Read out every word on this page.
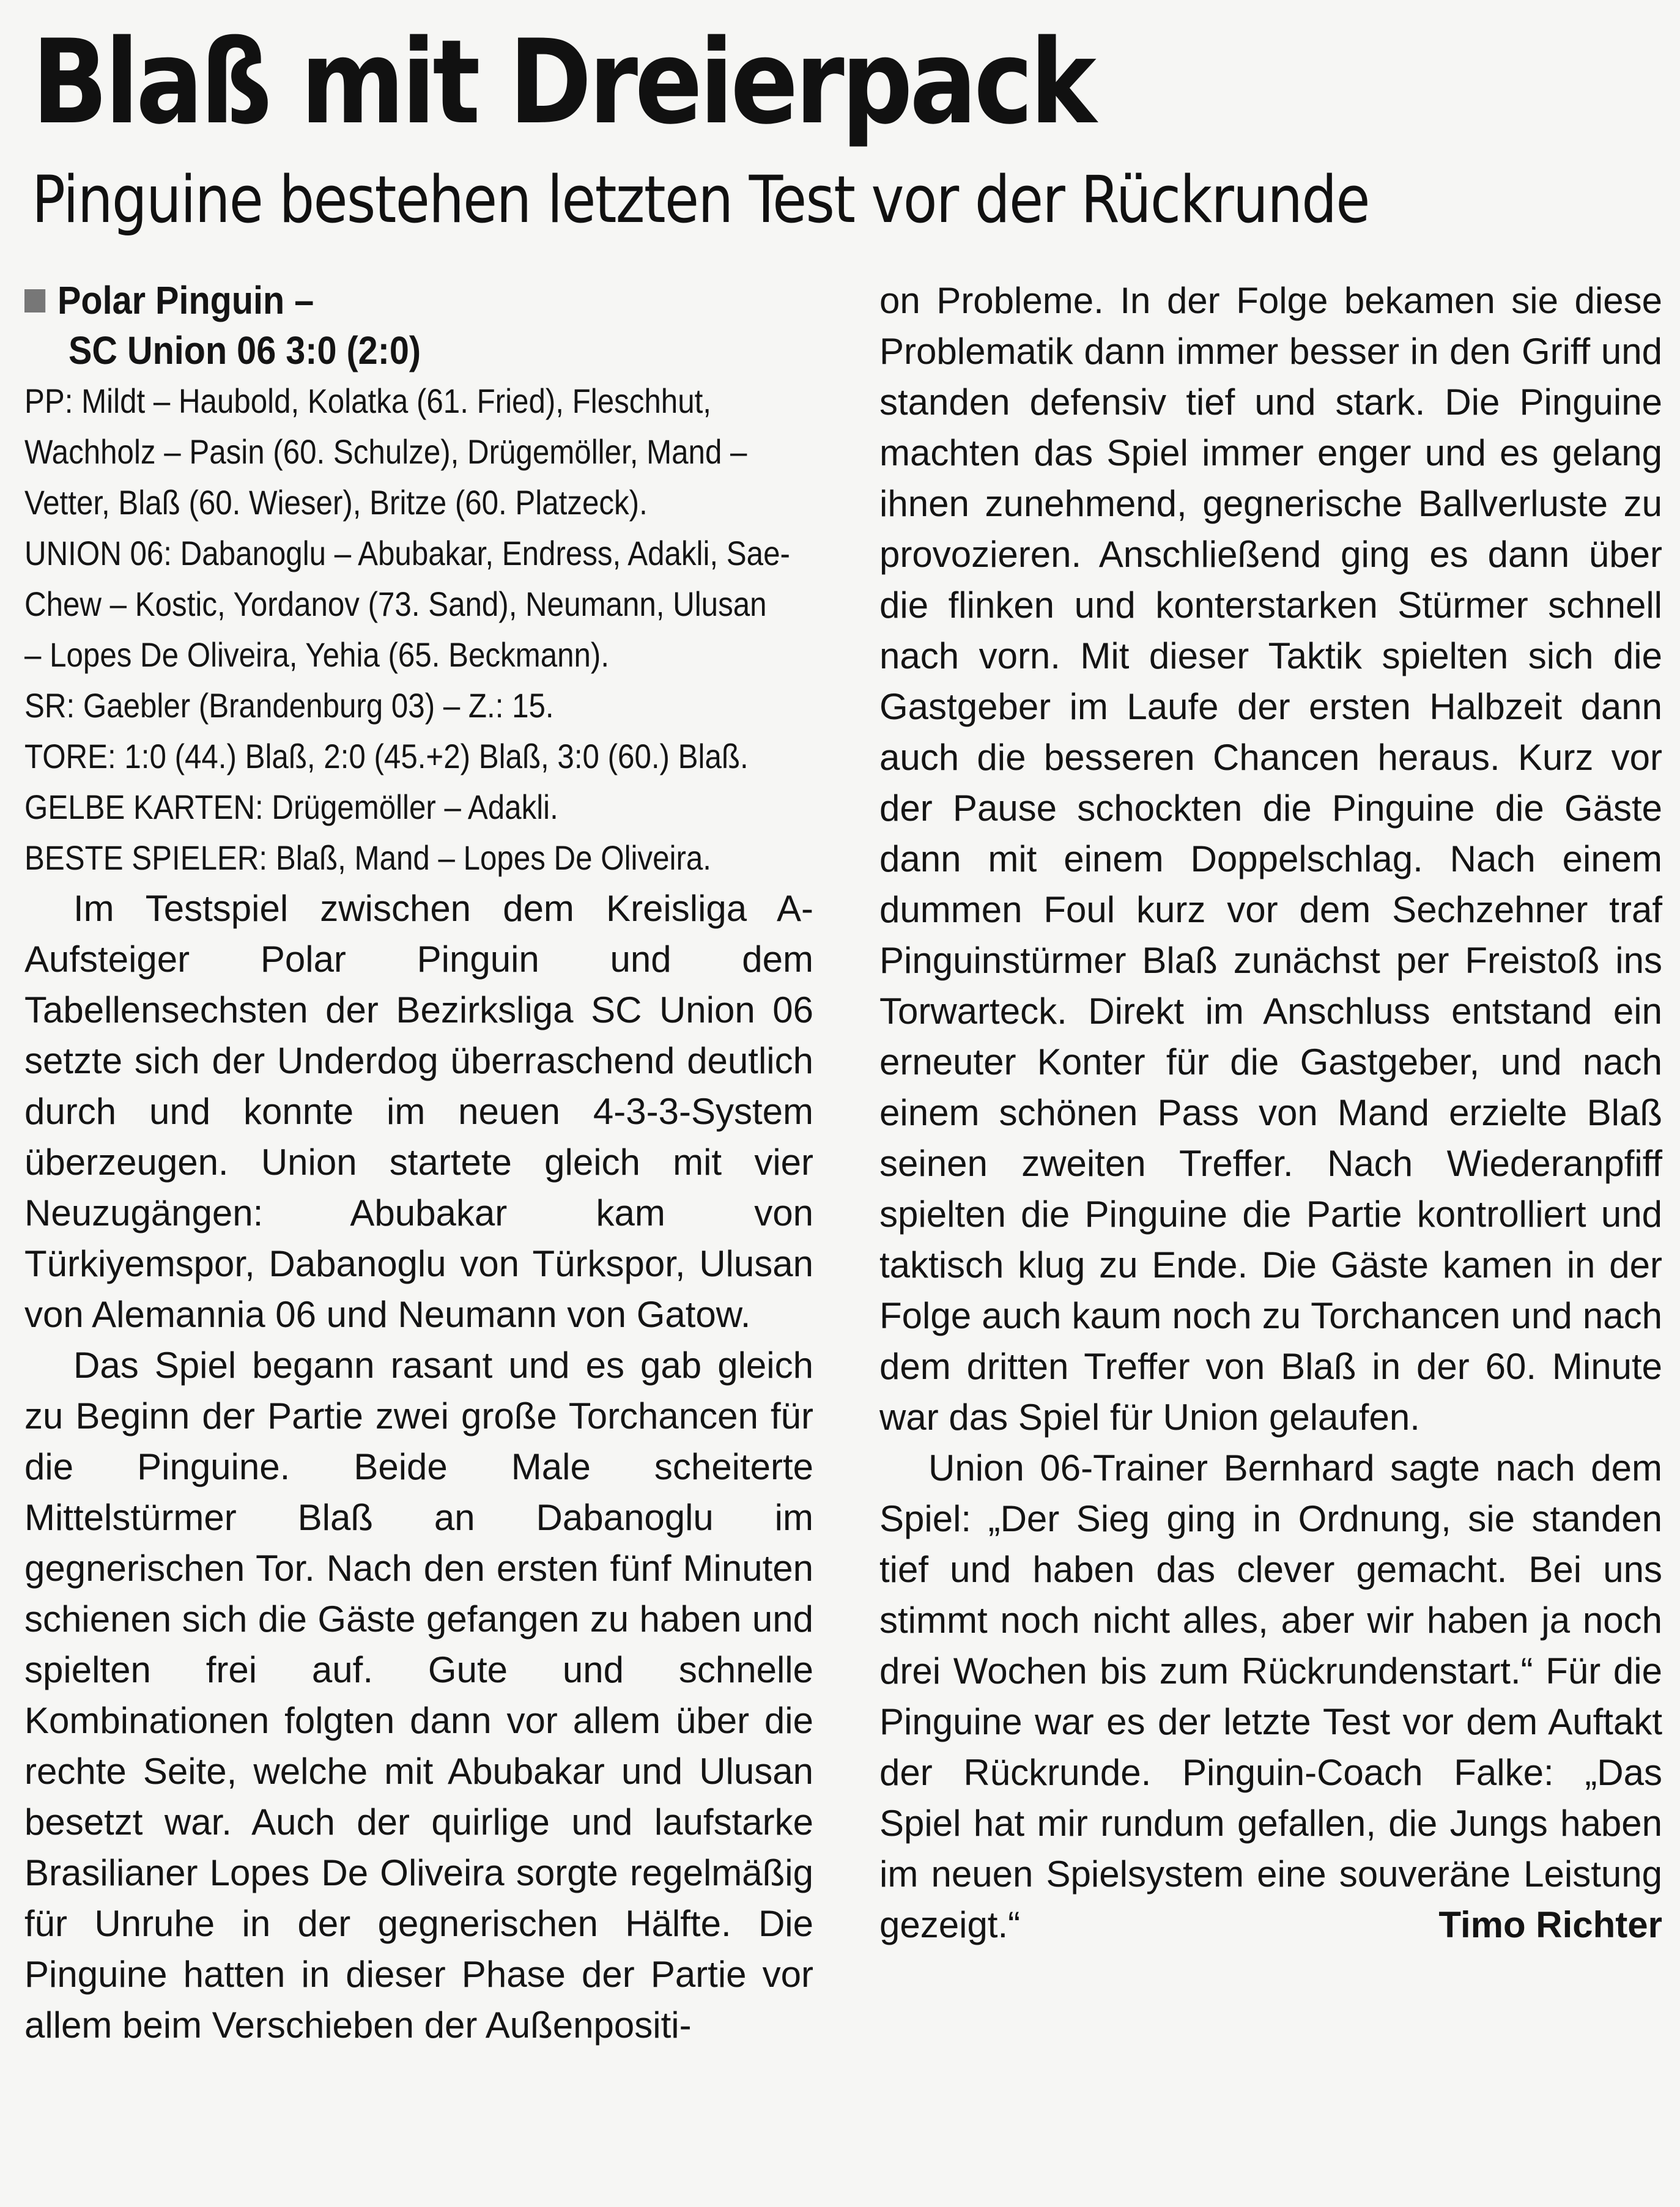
Blaß mit Dreierpack
Pinguine bestehen letzten Test vor der Rückrunde
Polar Pinguin –
SC Union 06 3:0 (2:0)
PP: Mildt – Haubold, Kolatka (61. Fried), Fleschhut,
Wachholz – Pasin (60. Schulze), Drügemöller, Mand –
Vetter, Blaß (60. Wieser), Britze (60. Platzeck).
UNION 06: Dabanoglu – Abubakar, Endress, Adakli, Sae-
Chew – Kostic, Yordanov (73. Sand), Neumann, Ulusan
– Lopes De Oliveira, Yehia (65. Beckmann).
SR: Gaebler (Brandenburg 03) – Z.: 15.
TORE: 1:0 (44.) Blaß, 2:0 (45.+2) Blaß, 3:0 (60.) Blaß.
GELBE KARTEN: Drügemöller – Adakli.
BESTE SPIELER: Blaß, Mand – Lopes De Oliveira.

Im Testspiel zwischen dem Kreisliga A-Aufsteiger Polar Pinguin und dem Tabellensechsten der Bezirksliga SC Union 06 setzte sich der Underdog überraschend deutlich durch und konnte im neuen 4-3-3-System überzeugen. Union startete gleich mit vier Neuzugängen: Abubakar kam von Türkiyemspor, Dabanoglu von Türkspor, Ulusan von Alemannia 06 und Neumann von Gatow.

Das Spiel begann rasant und es gab gleich zu Beginn der Partie zwei große Torchancen für die Pinguine. Beide Male scheiterte Mittelstürmer Blaß an Dabanoglu im gegnerischen Tor. Nach den ersten fünf Minuten schienen sich die Gäste gefangen zu haben und spielten frei auf. Gute und schnelle Kombinationen folgten dann vor allem über die rechte Seite, welche mit Abubakar und Ulusan besetzt war. Auch der quirlige und laufstarke Brasilianer Lopes De Oliveira sorgte regelmäßig für Unruhe in der gegnerischen Hälfte. Die Pinguine hatten in dieser Phase der Partie vor allem beim Verschieben der Außenpositi-

on Probleme. In der Folge bekamen sie diese Problematik dann immer besser in den Griff und standen defensiv tief und stark. Die Pinguine machten das Spiel immer enger und es gelang ihnen zunehmend, gegnerische Ballverluste zu provozieren. Anschließend ging es dann über die flinken und konterstarken Stürmer schnell nach vorn. Mit dieser Taktik spielten sich die Gastgeber im Laufe der ersten Halbzeit dann auch die besseren Chancen heraus. Kurz vor der Pause schockten die Pinguine die Gäste dann mit einem Doppelschlag. Nach einem dummen Foul kurz vor dem Sechzehner traf Pinguinstürmer Blaß zunächst per Freistoß ins Torwarteck. Direkt im Anschluss entstand ein erneuter Konter für die Gastgeber, und nach einem schönen Pass von Mand erzielte Blaß seinen zweiten Treffer. Nach Wiederanpfiff spielten die Pinguine die Partie kontrolliert und taktisch klug zu Ende. Die Gäste kamen in der Folge auch kaum noch zu Torchancen und nach dem dritten Treffer von Blaß in der 60. Minute war das Spiel für Union gelaufen.

Union 06-Trainer Bernhard sagte nach dem Spiel: „Der Sieg ging in Ordnung, sie standen tief und haben das clever gemacht. Bei uns stimmt noch nicht alles, aber wir haben ja noch drei Wochen bis zum Rückrundenstart.“ Für die Pinguine war es der letzte Test vor dem Auftakt der Rückrunde. Pinguin-Coach Falke: „Das Spiel hat mir rundum gefallen, die Jungs haben im neuen Spielsystem eine souveräne Leistung gezeigt.“	Timo Richter
